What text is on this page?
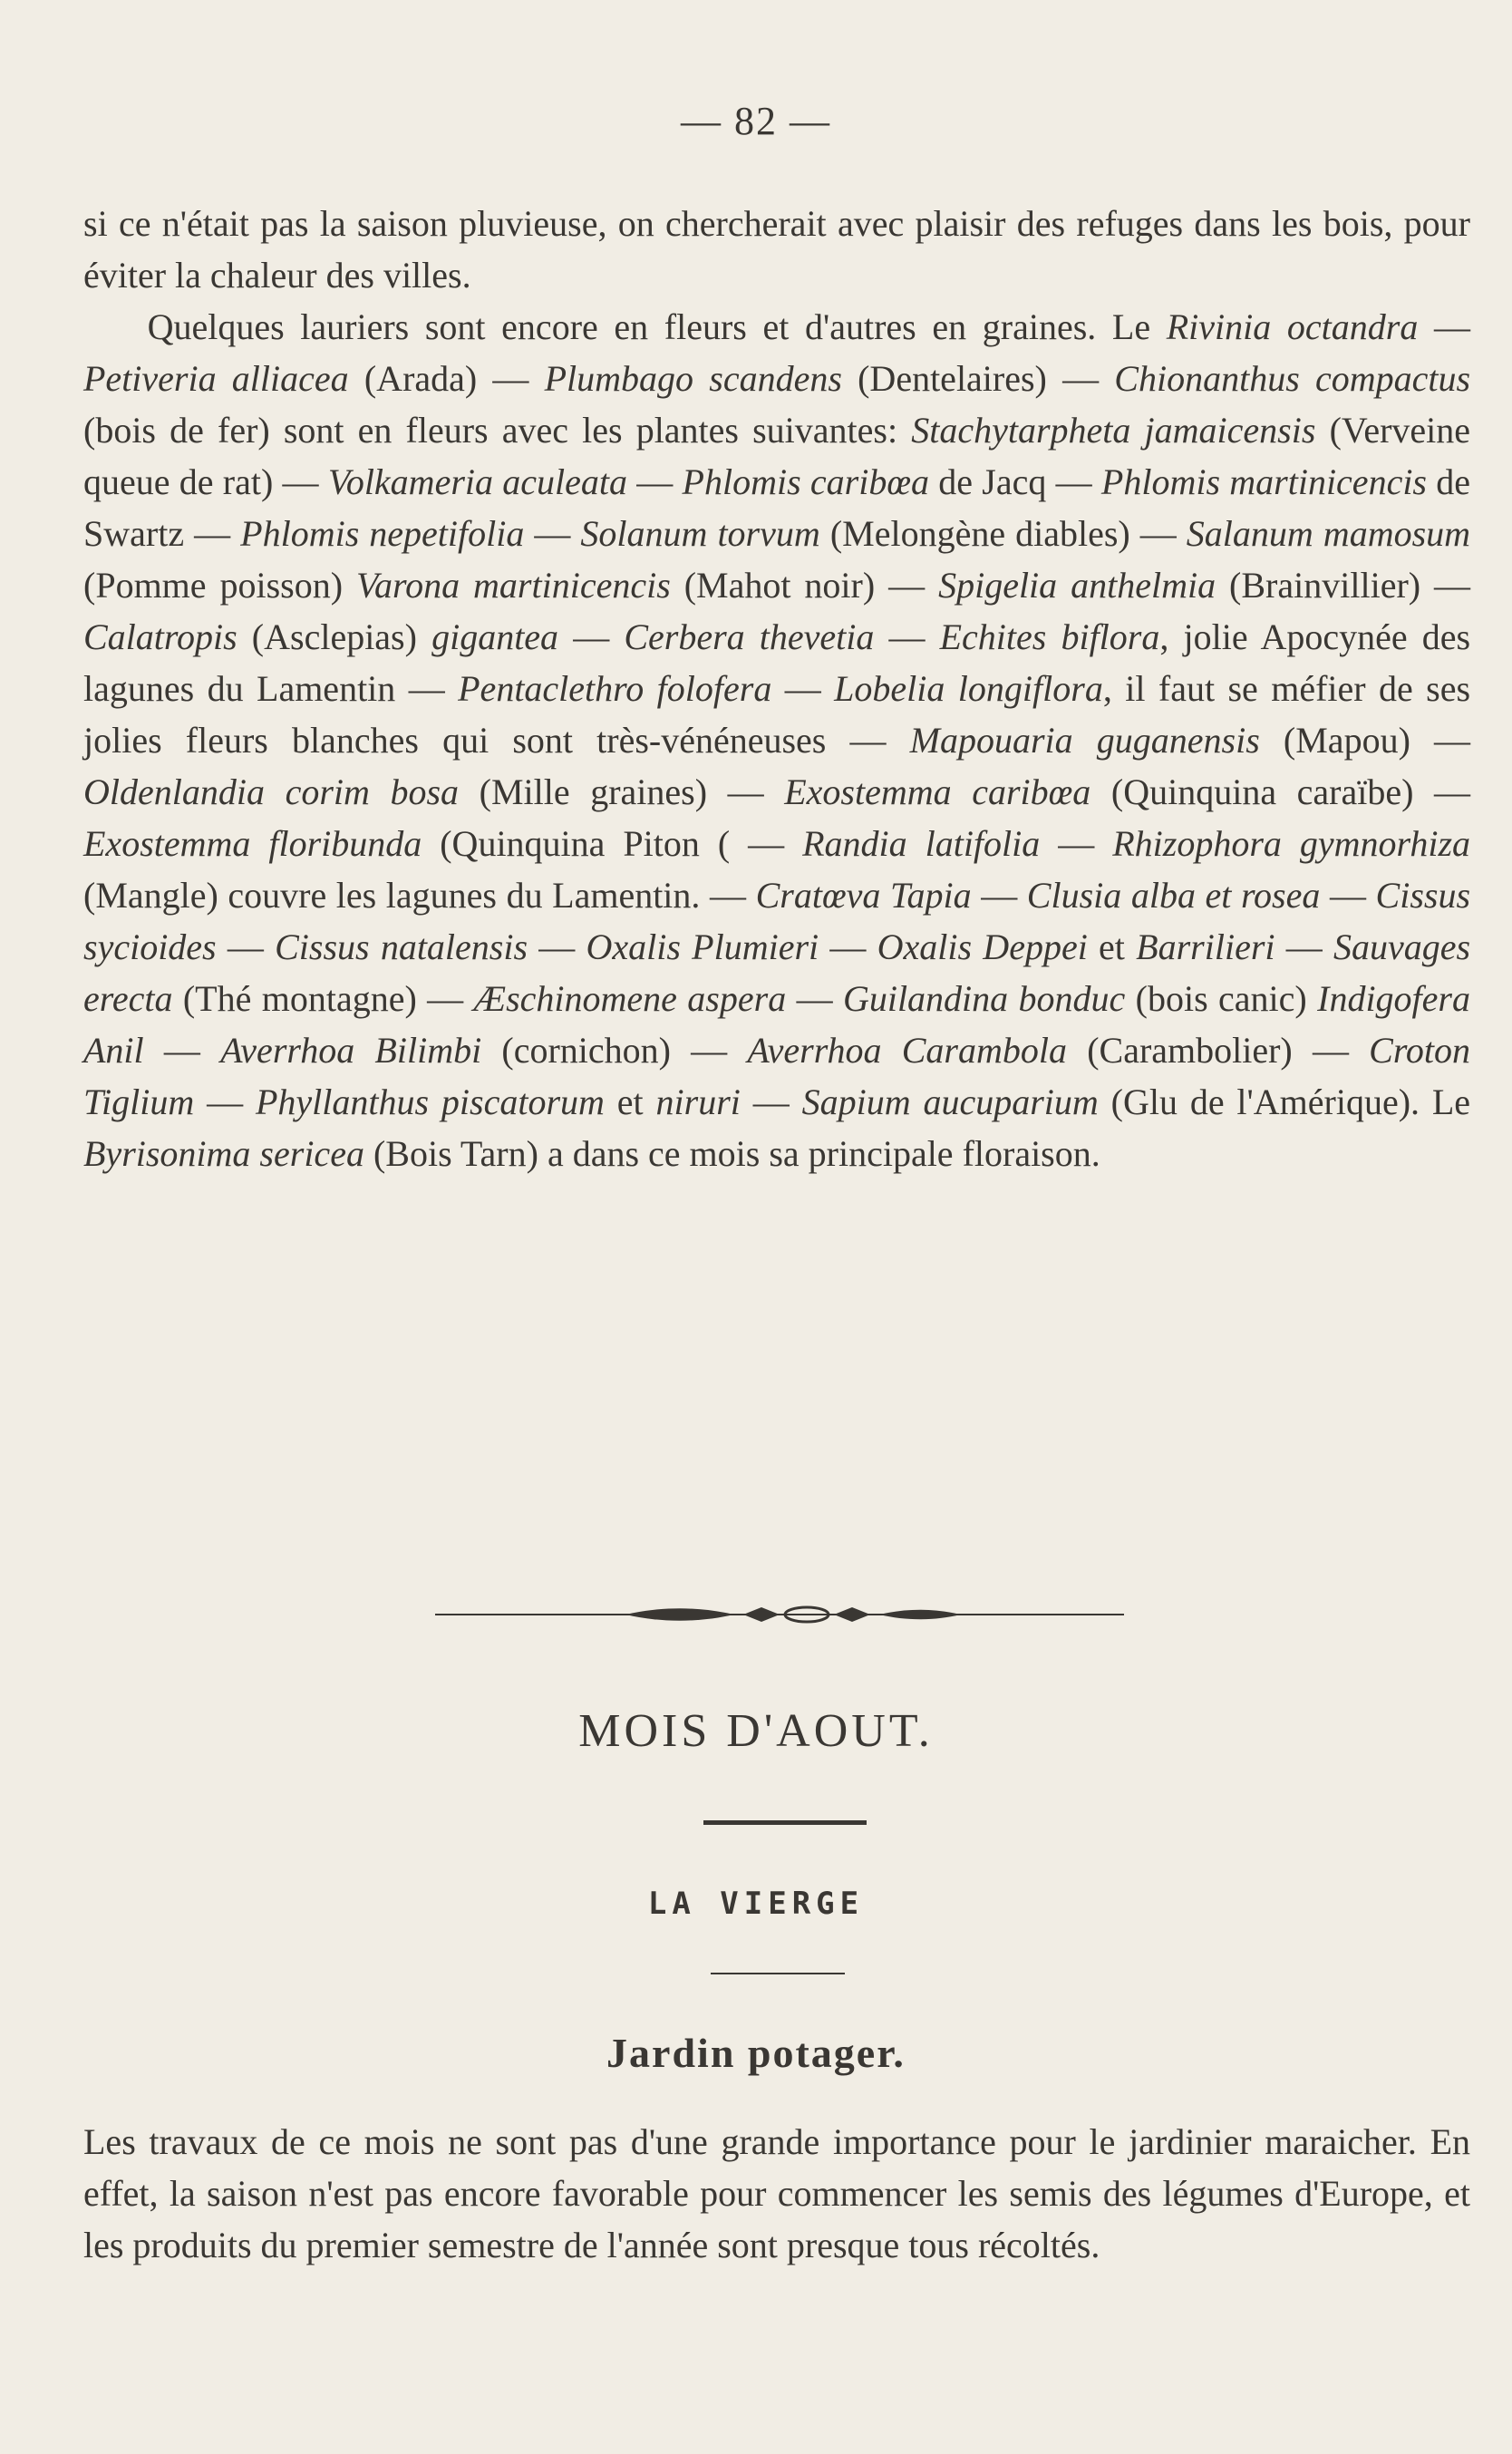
— 82 —
si ce n'était pas la saison pluvieuse, on chercherait avec plaisir des refuges dans les bois, pour éviter la chaleur des villes.
Quelques lauriers sont encore en fleurs et d'autres en graines. Le Rivinia octandra — Petiveria alliacea (Arada) — Plumbago scandens (Dentelaires) — Chionanthus compactus (bois de fer) sont en fleurs avec les plantes suivantes: Stachytarpheta jamaicensis (Verveine queue de rat) — Volkameria aculeata — Phlomis caribœa de Jacq — Phlomis martinicencis de Swartz — Phlomis nepetifolia — Solanum torvum (Melongène diables) — Salanum mamosum (Pomme poisson) Varona martinicencis (Mahot noir) — Spigelia anthelmia (Brainvillier) — Calatropis (Asclepias) gigantea — Cerbera thevetia — Echites biflora, jolie Apocynée des lagunes du Lamentin — Pentaclethro folofera — Lobelia longiflora, il faut se méfier de ses jolies fleurs blanches qui sont très-vénéneuses — Mapouaria guganensis (Mapou) — Oldenlandia corim bosa (Mille graines) — Exostemma caribœa (Quinquina caraïbe) — Exostemma floribunda (Quinquina Piton ( — Randia latifolia — Rhizophora gymnorhiza (Mangle) couvre les lagunes du Lamentin. — Cratœva Tapia — Clusia alba et rosea — Cissus sycioides — Cissus natalensis — Oxalis Plumieri — Oxalis Deppei et Barrilieri — Sauvages erecta (Thé montagne) — Æschinomene aspera — Guilandina bonduc (bois canic) Indigofera Anil — Averrhoa Bilimbi (cornichon) — Averrhoa Carambola (Carambolier) — Croton Tiglium — Phyllanthus piscatorum et niruri — Sapium aucuparium (Glu de l'Amérique). Le Byrisonima sericea (Bois Tarn) a dans ce mois sa principale floraison.
MOIS D'AOUT.
LA VIERGE
Jardin potager.

Les travaux de ce mois ne sont pas d'une grande importance pour le jardinier maraicher. En effet, la saison n'est pas encore favorable pour commencer les semis des légumes d'Europe, et les produits du premier semestre de l'année sont presque tous récoltés.
